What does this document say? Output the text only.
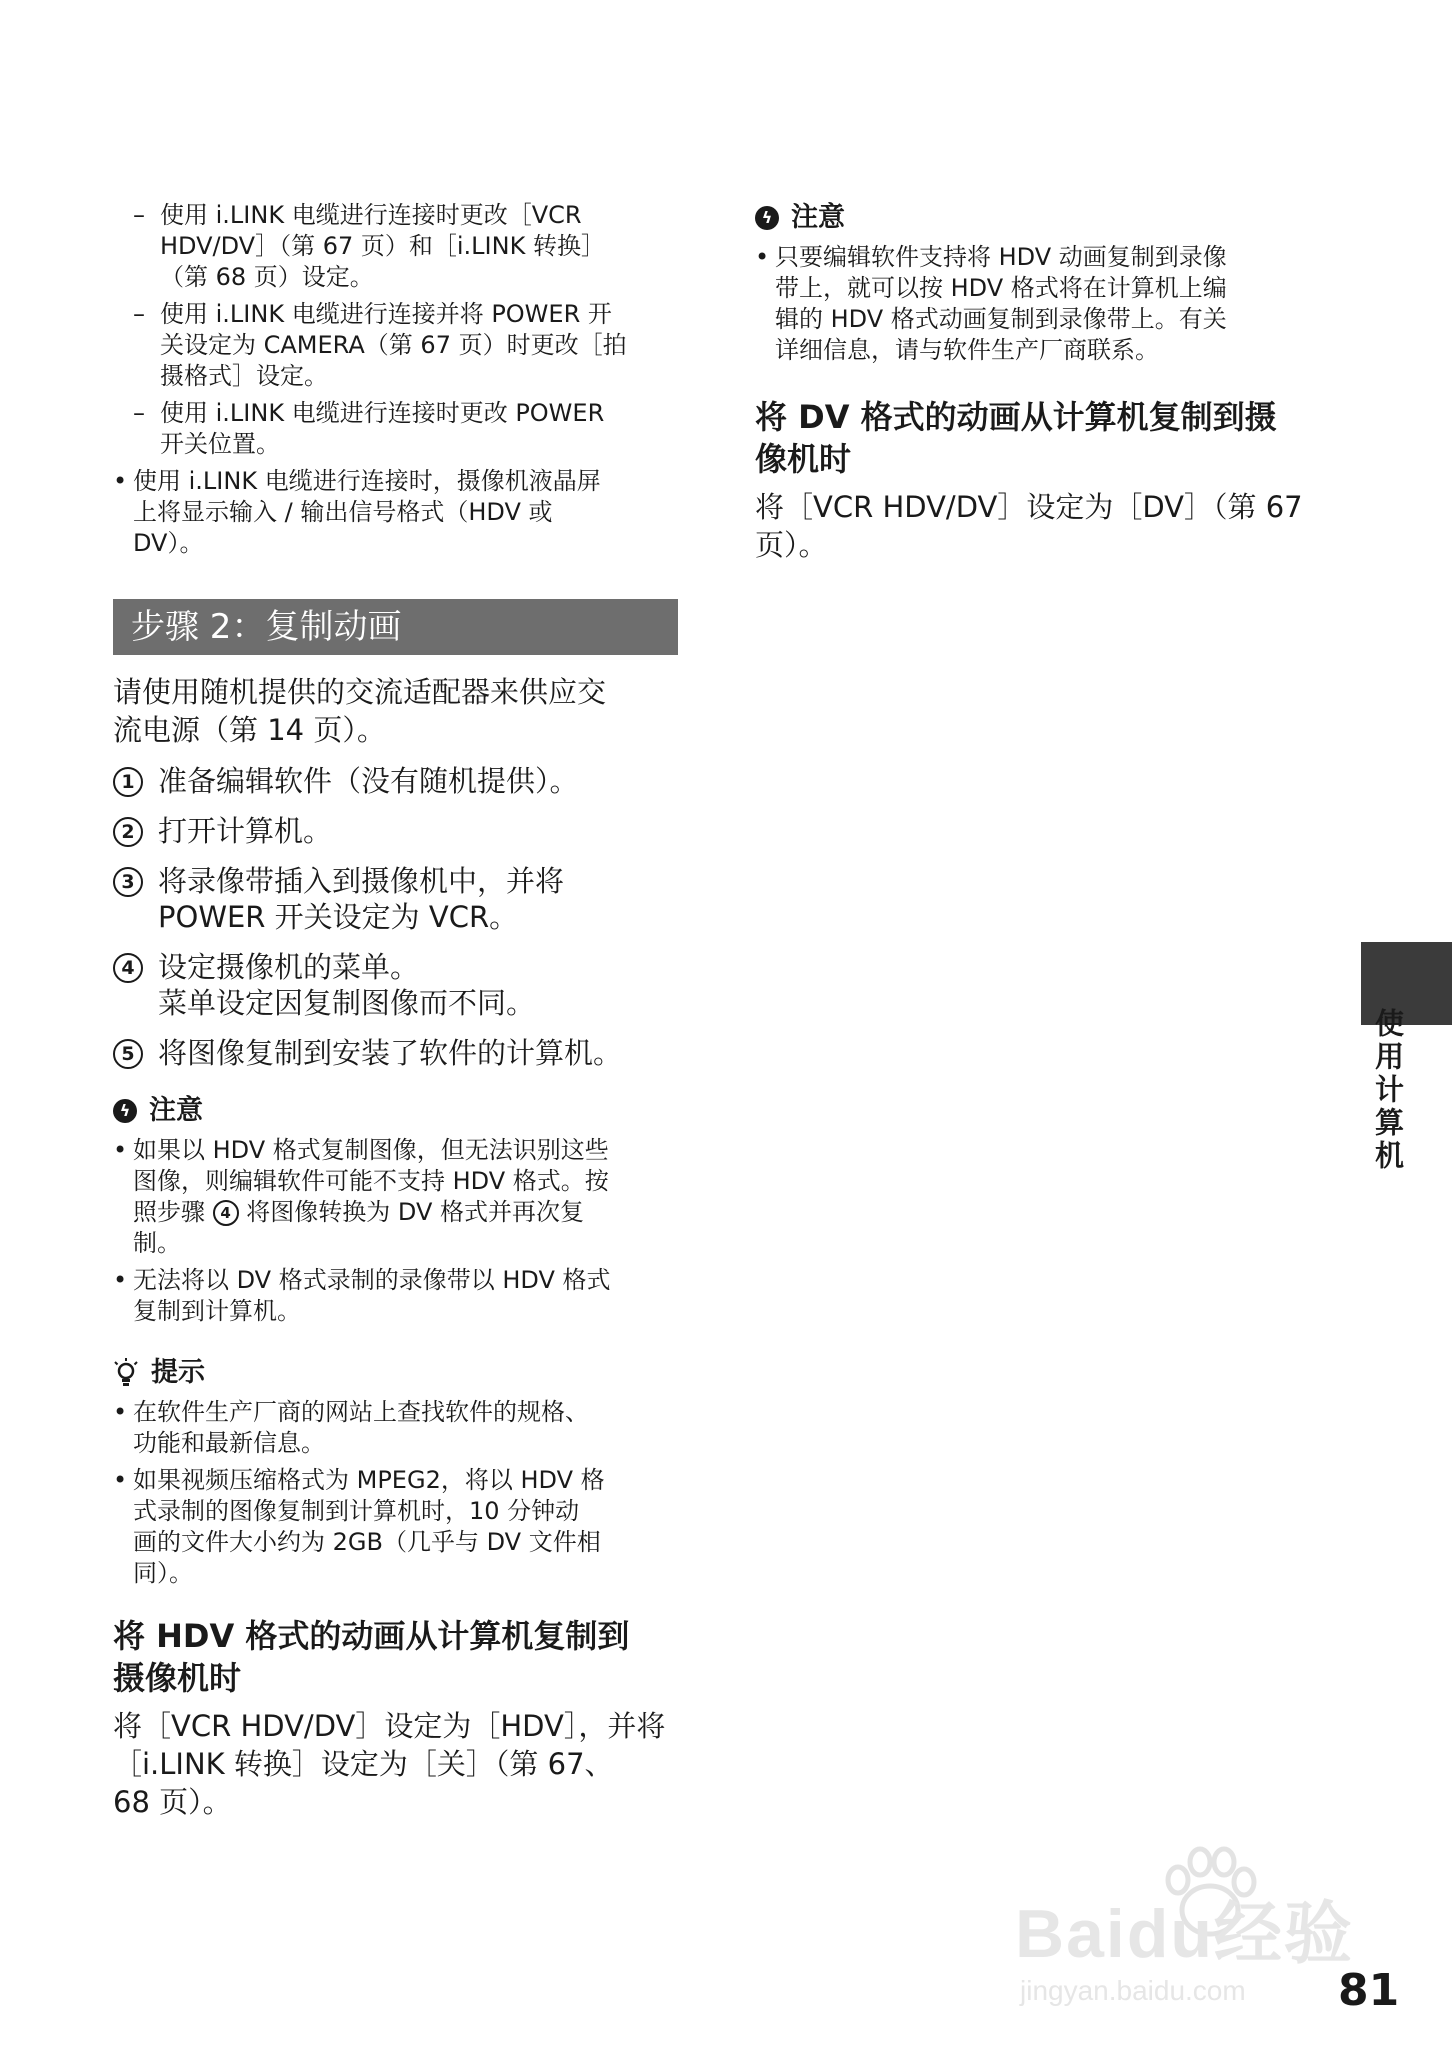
– 使用 i.LINK 电缆进行连接时更改［VCR
HDV/DV］（第 67 页）和［i.LINK 转换］
（第 68 页）设定。
– 使用 i.LINK 电缆进行连接并将 POWER 开
关设定为 CAMERA（第 67 页）时更改［拍
摄格式］设定。
– 使用 i.LINK 电缆进行连接时更改 POWER
开关位置。
• 使用 i.LINK 电缆进行连接时，摄像机液晶屏
上将显示输入 / 输出信号格式（HDV 或
DV）。
步骤 2：复制动画

请使用随机提供的交流适配器来供应交
流电源（第 14 页）。

1 准备编辑软件（没有随机提供）。
2 打开计算机。
3 将录像带插入到摄像机中，并将
POWER 开关设定为 VCR。
4 设定摄像机的菜单。
菜单设定因复制图像而不同。
5 将图像复制到安装了软件的计算机。
ϟ 注意
• 如果以 HDV 格式复制图像，但无法识别这些
图像，则编辑软件可能不支持 HDV 格式。按
照步骤 4 将图像转换为 DV 格式并再次复
制。
• 无法将以 DV 格式录制的录像带以 HDV 格式
复制到计算机。
提示
• 在软件生产厂商的网站上查找软件的规格、
功能和最新信息。
• 如果视频压缩格式为 MPEG2，将以 HDV 格
式录制的图像复制到计算机时，10 分钟动
画的文件大小约为 2GB（几乎与 DV 文件相
同）。
将 HDV 格式的动画从计算机复制到
摄像机时

将［VCR HDV/DV］设定为［HDV］，并将
［i.LINK 转换］设定为［关］（第 67、
68 页）。

ϟ 注意
• 只要编辑软件支持将 HDV 动画复制到录像
带上，就可以按 HDV 格式将在计算机上编
辑的 HDV 格式动画复制到录像带上。有关
详细信息，请与软件生产厂商联系。
将 DV 格式的动画从计算机复制到摄
像机时

将［VCR HDV/DV］设定为［DV］（第 67
页）。

使用计算机
Baidu经验
jingyan.baidu.com 81
